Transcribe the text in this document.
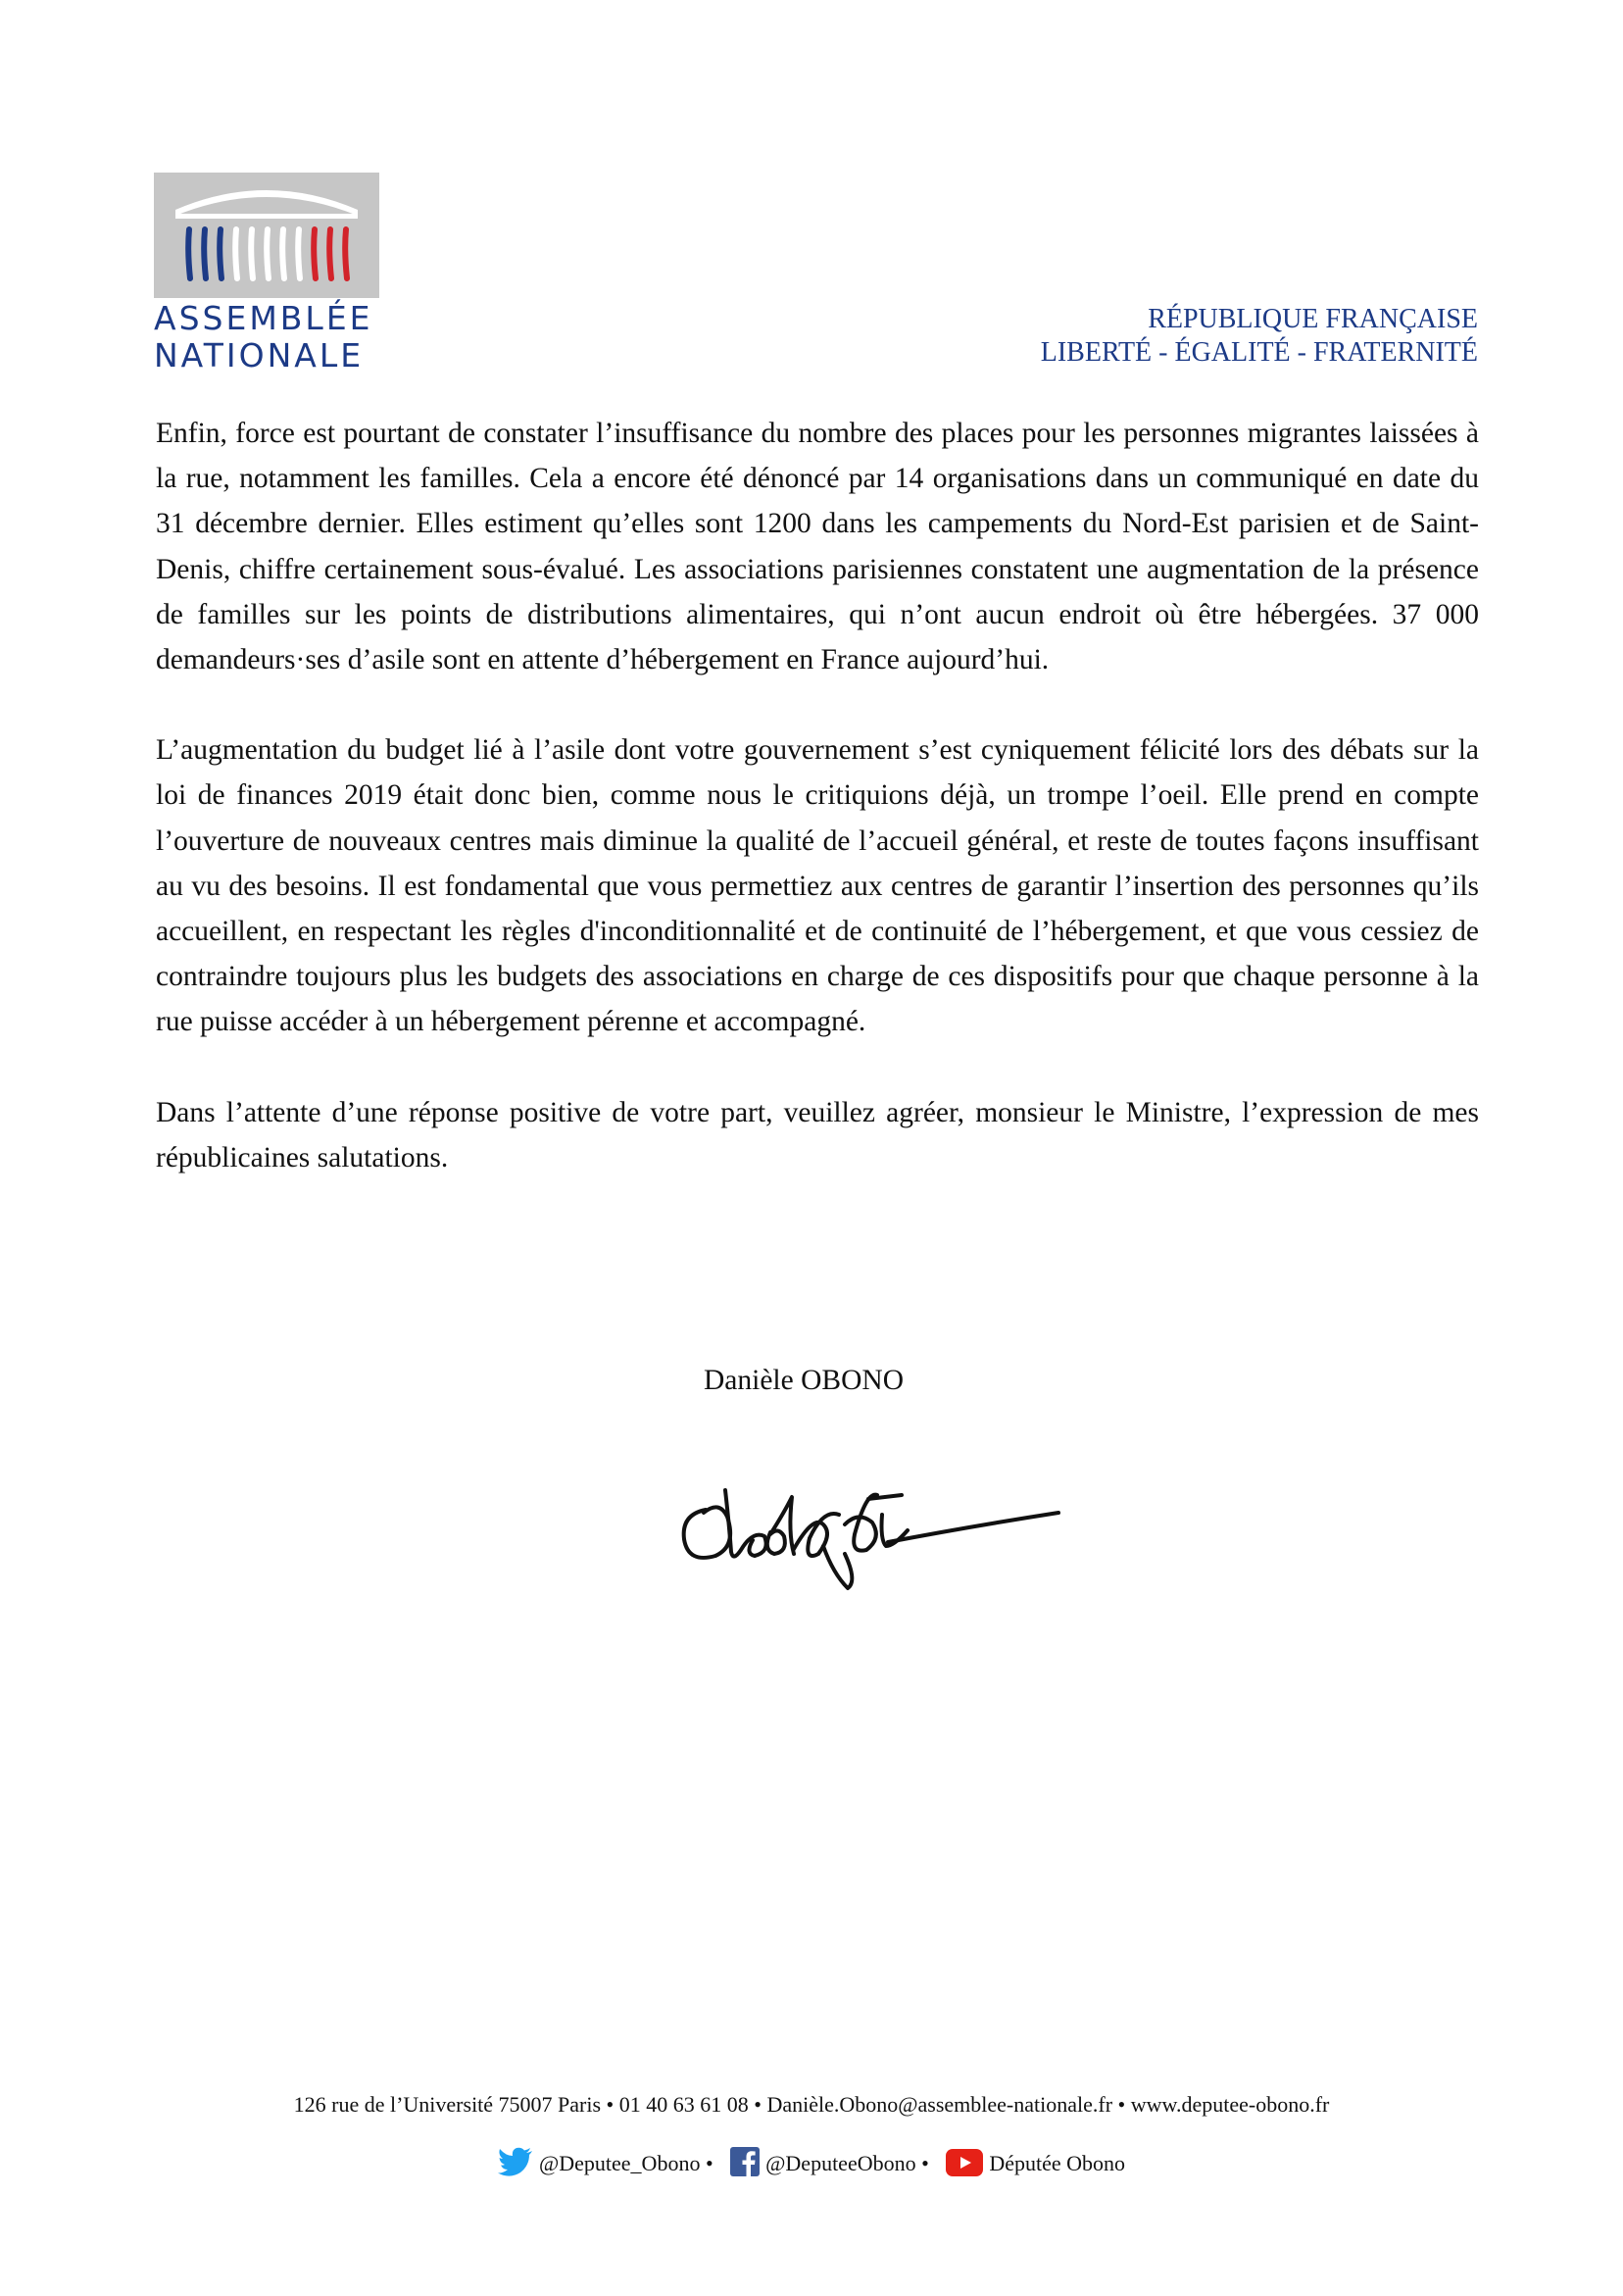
ASSEMBLÉE
NATIONALE
RÉPUBLIQUE FRANÇAISE
LIBERTÉ - ÉGALITÉ - FRATERNITÉ

Enfin, force est pourtant de constater l’insuffisance du nombre des places pour les personnes migrantes laissées à la rue, notamment les familles. Cela a encore été dénoncé par 14 organisations dans un communiqué en date du 31 décembre dernier. Elles estiment qu’elles sont 1200 dans les campements du Nord-Est parisien et de Saint-Denis, chiffre certainement sous-évalué. Les associations parisiennes constatent une augmentation de la présence de familles sur les points de distributions alimentaires, qui n’ont aucun endroit où être hébergées. 37 000 demandeurs·ses d’asile sont en attente d’hébergement en France aujourd’hui.

L’augmentation du budget lié à l’asile dont votre gouvernement s’est cyniquement félicité lors des débats sur la loi de finances 2019 était donc bien, comme nous le critiquions déjà, un trompe l’oeil. Elle prend en compte l’ouverture de nouveaux centres mais diminue la qualité de l’accueil général, et reste de toutes façons insuffisant au vu des besoins. Il est fondamental que vous permettiez aux centres de garantir l’insertion des personnes qu’ils accueillent, en respectant les règles d'inconditionnalité et de continuité de l’hébergement, et que vous cessiez de contraindre toujours plus les budgets des associations en charge de ces dispositifs pour que chaque personne à la rue puisse accéder à un hébergement pérenne et accompagné.

Dans l’attente d’une réponse positive de votre part, veuillez agréer, monsieur le Ministre, l’expression de mes républicaines salutations.

Danièle OBONO
126 rue de l’Université 75007 Paris • 01 40 63 61 08 • Danièle.Obono@assemblee-nationale.fr • www.deputee-obono.fr
@Deputee_Obono • @DeputeeObono •	Députée Obono
